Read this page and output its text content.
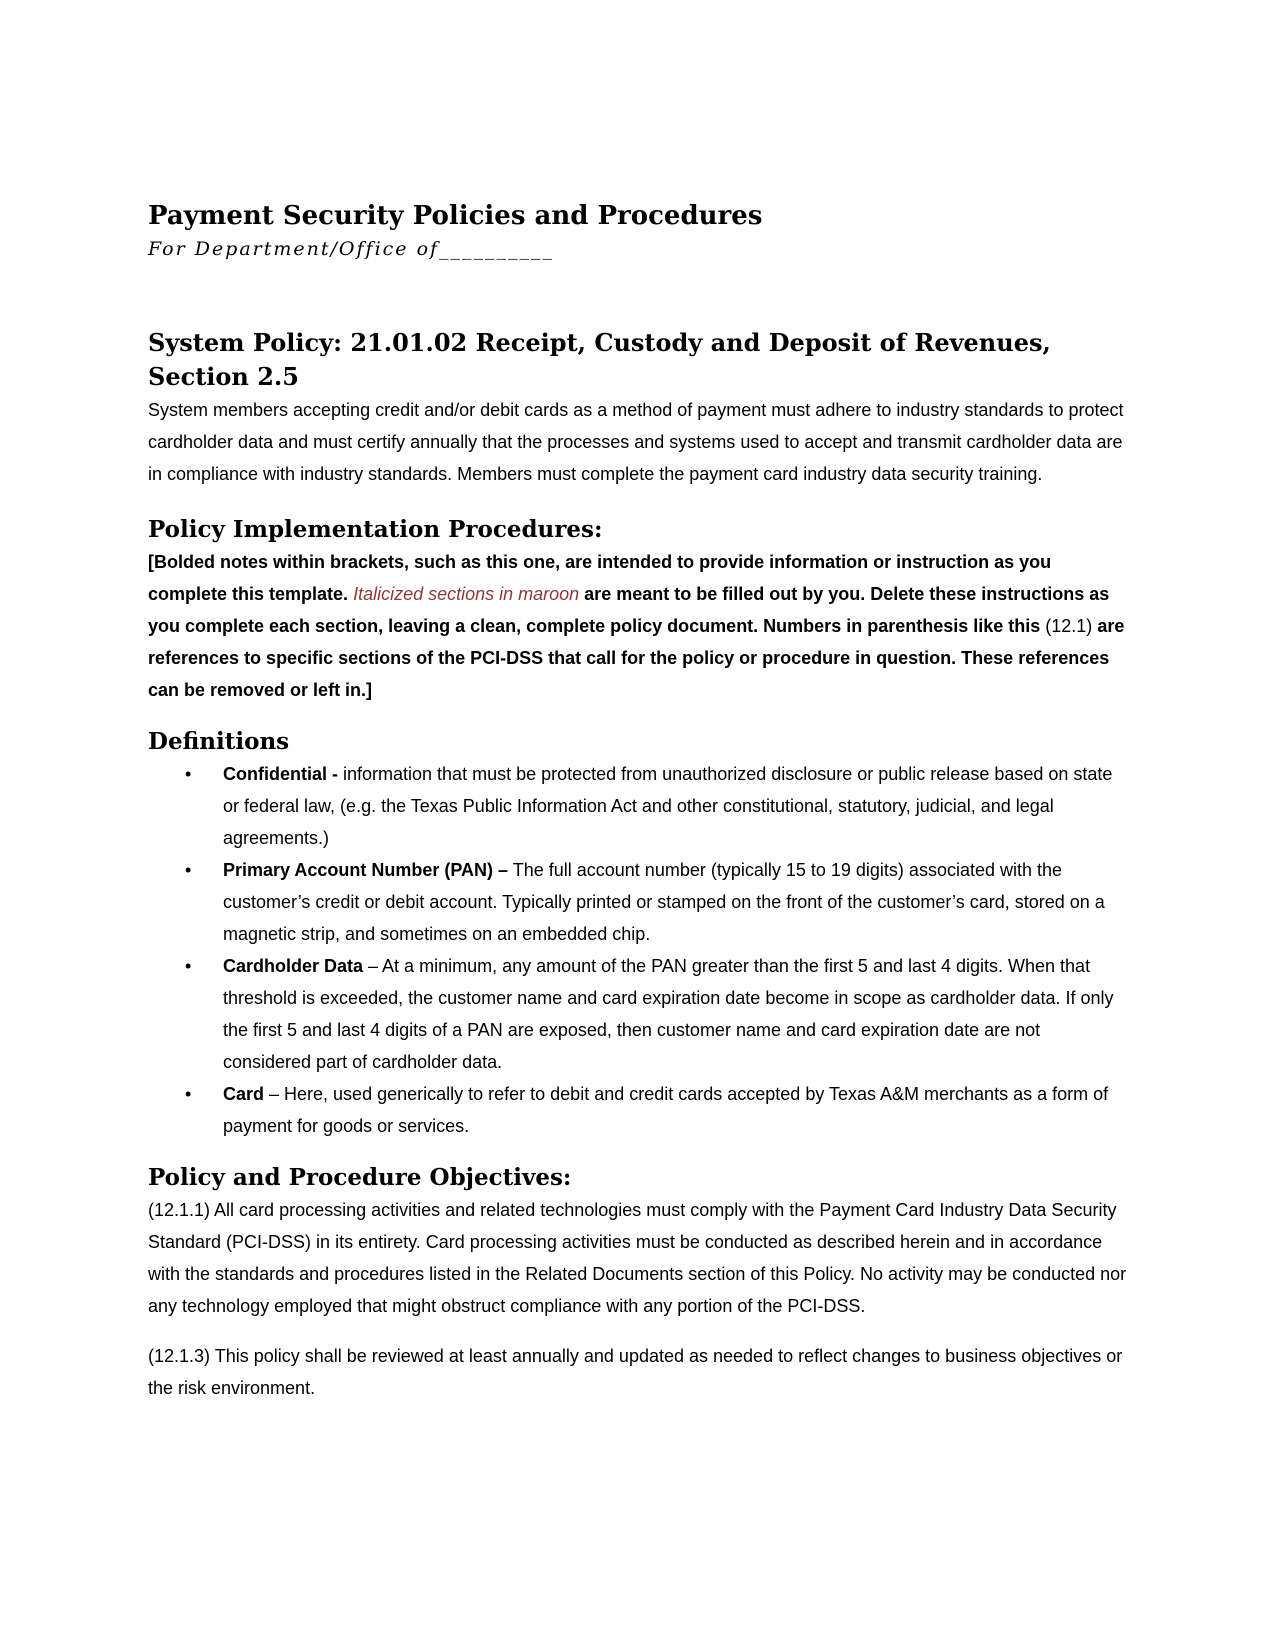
Payment Security Policies and Procedures

For Department/Office of__________

System Policy: 21.01.02 Receipt, Custody and Deposit of Revenues, Section 2.5

System members accepting credit and/or debit cards as a method of payment must adhere to industry standards to protect cardholder data and must certify annually that the processes and systems used to accept and transmit cardholder data are in compliance with industry standards. Members must complete the payment card industry data security training.

Policy Implementation Procedures:

[Bolded notes within brackets, such as this one, are intended to provide information or instruction as you complete this template. Italicized sections in maroon are meant to be filled out by you. Delete these instructions as you complete each section, leaving a clean, complete policy document. Numbers in parenthesis like this (12.1) are references to specific sections of the PCI-DSS that call for the policy or procedure in question. These references can be removed or left in.]

Definitions
• Confidential - information that must be protected from unauthorized disclosure or public release based on state or federal law, (e.g. the Texas Public Information Act and other constitutional, statutory, judicial, and legal agreements.)
• Primary Account Number (PAN) – The full account number (typically 15 to 19 digits) associated with the customer’s credit or debit account. Typically printed or stamped on the front of the customer’s card, stored on a magnetic strip, and sometimes on an embedded chip.
• Cardholder Data – At a minimum, any amount of the PAN greater than the first 5 and last 4 digits. When that threshold is exceeded, the customer name and card expiration date become in scope as cardholder data. If only the first 5 and last 4 digits of a PAN are exposed, then customer name and card expiration date are not considered part of cardholder data.
• Card – Here, used generically to refer to debit and credit cards accepted by Texas A&M merchants as a form of payment for goods or services.
Policy and Procedure Objectives:

(12.1.1) All card processing activities and related technologies must comply with the Payment Card Industry Data Security Standard (PCI-DSS) in its entirety. Card processing activities must be conducted as described herein and in accordance with the standards and procedures listed in the Related Documents section of this Policy. No activity may be conducted nor any technology employed that might obstruct compliance with any portion of the PCI-DSS.

(12.1.3) This policy shall be reviewed at least annually and updated as needed to reflect changes to business objectives or the risk environment.
